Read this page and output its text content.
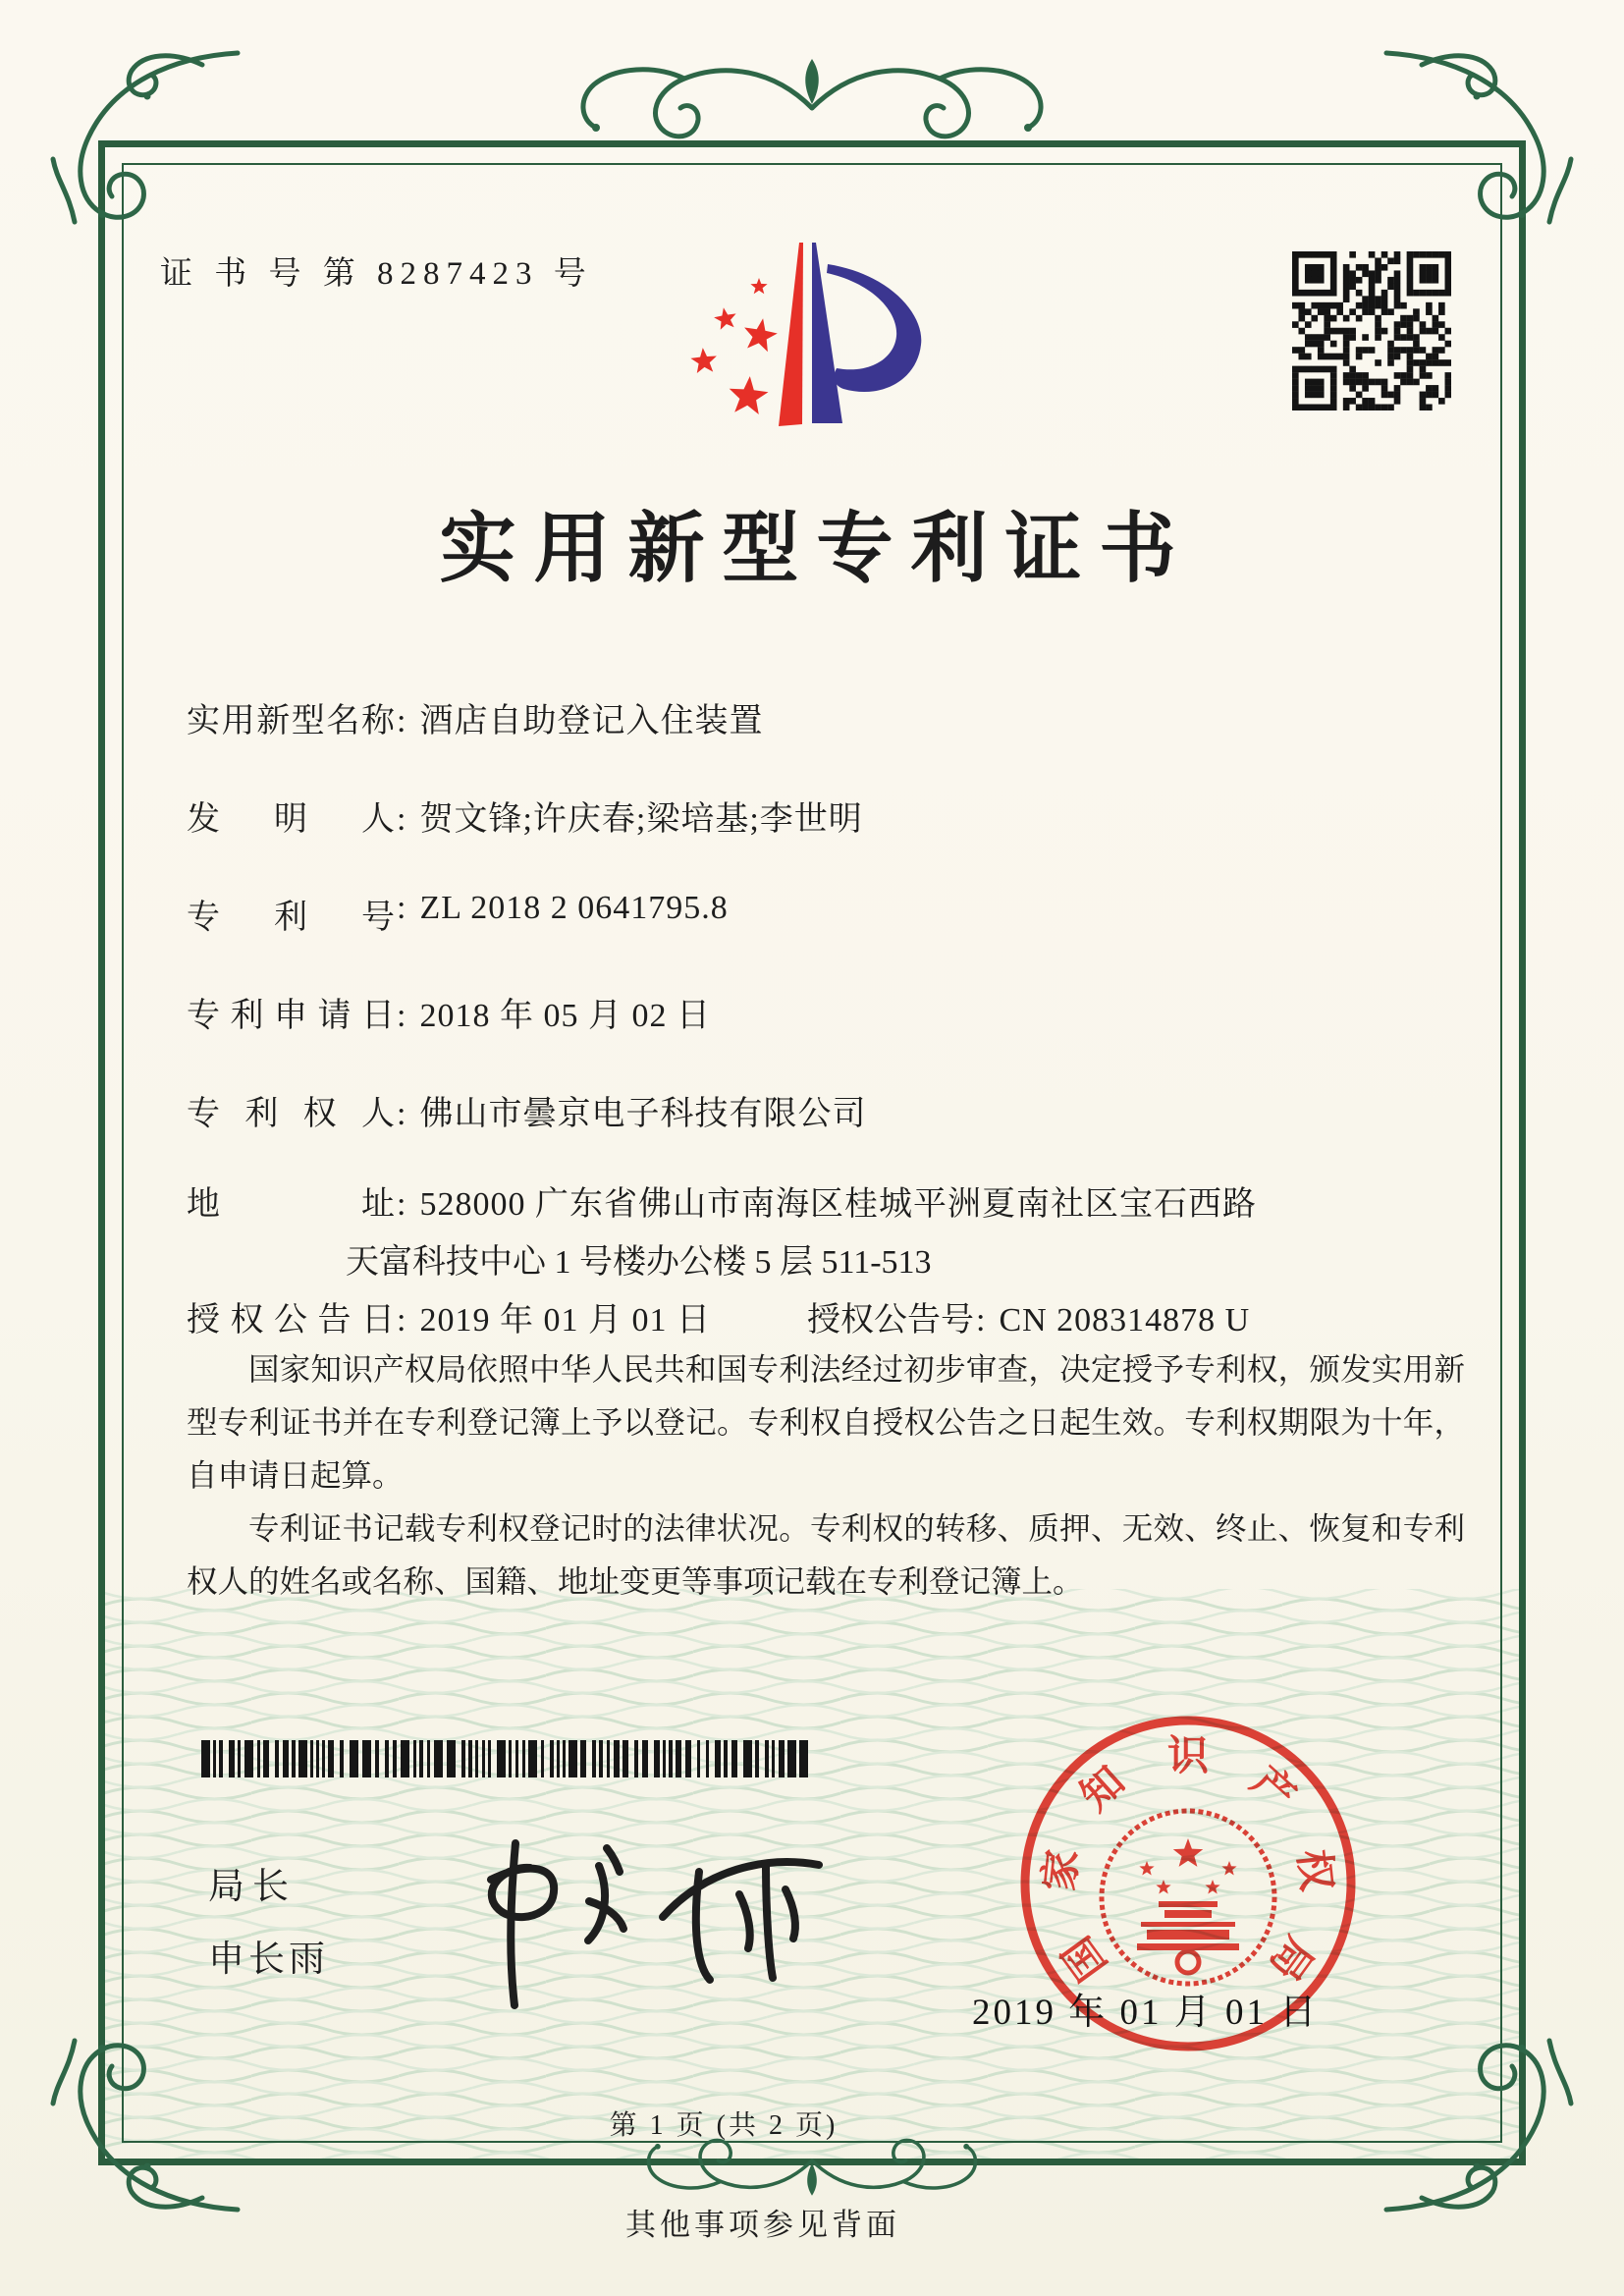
证 书 号 第 8287423 号
实用新型专利证书
实用新型名称: 酒店自助登记入住装置
发明人: 贺文锋;许庆春;梁培基;李世明
专利号: ZL 2018 2 0641795.8
专利申请日: 2018 年 05 月 02 日
专利权人: 佛山市曇京电子科技有限公司
地址: 528000 广东省佛山市南海区桂城平洲夏南社区宝石西路
天富科技中心 1 号楼办公楼 5 层 511-513
授权公告日: 2019 年 01 月 01 日	授权公告号: CN 208314878 U

国家知识产权局依照中华人民共和国专利法经过初步审查，决定授予专利权，颁发实用新型专利证书并在专利登记簿上予以登记。专利权自授权公告之日起生效。专利权期限为十年，自申请日起算。

专利证书记载专利权登记时的法律状况。专利权的转移、质押、无效、终止、恢复和专利权人的姓名或名称、国籍、地址变更等事项记载在专利登记簿上。

局长
申长雨	国
家
知
识
产
权
局
2019 年 01 月 01 日
第 1 页 (共 2 页)
其他事项参见背面
